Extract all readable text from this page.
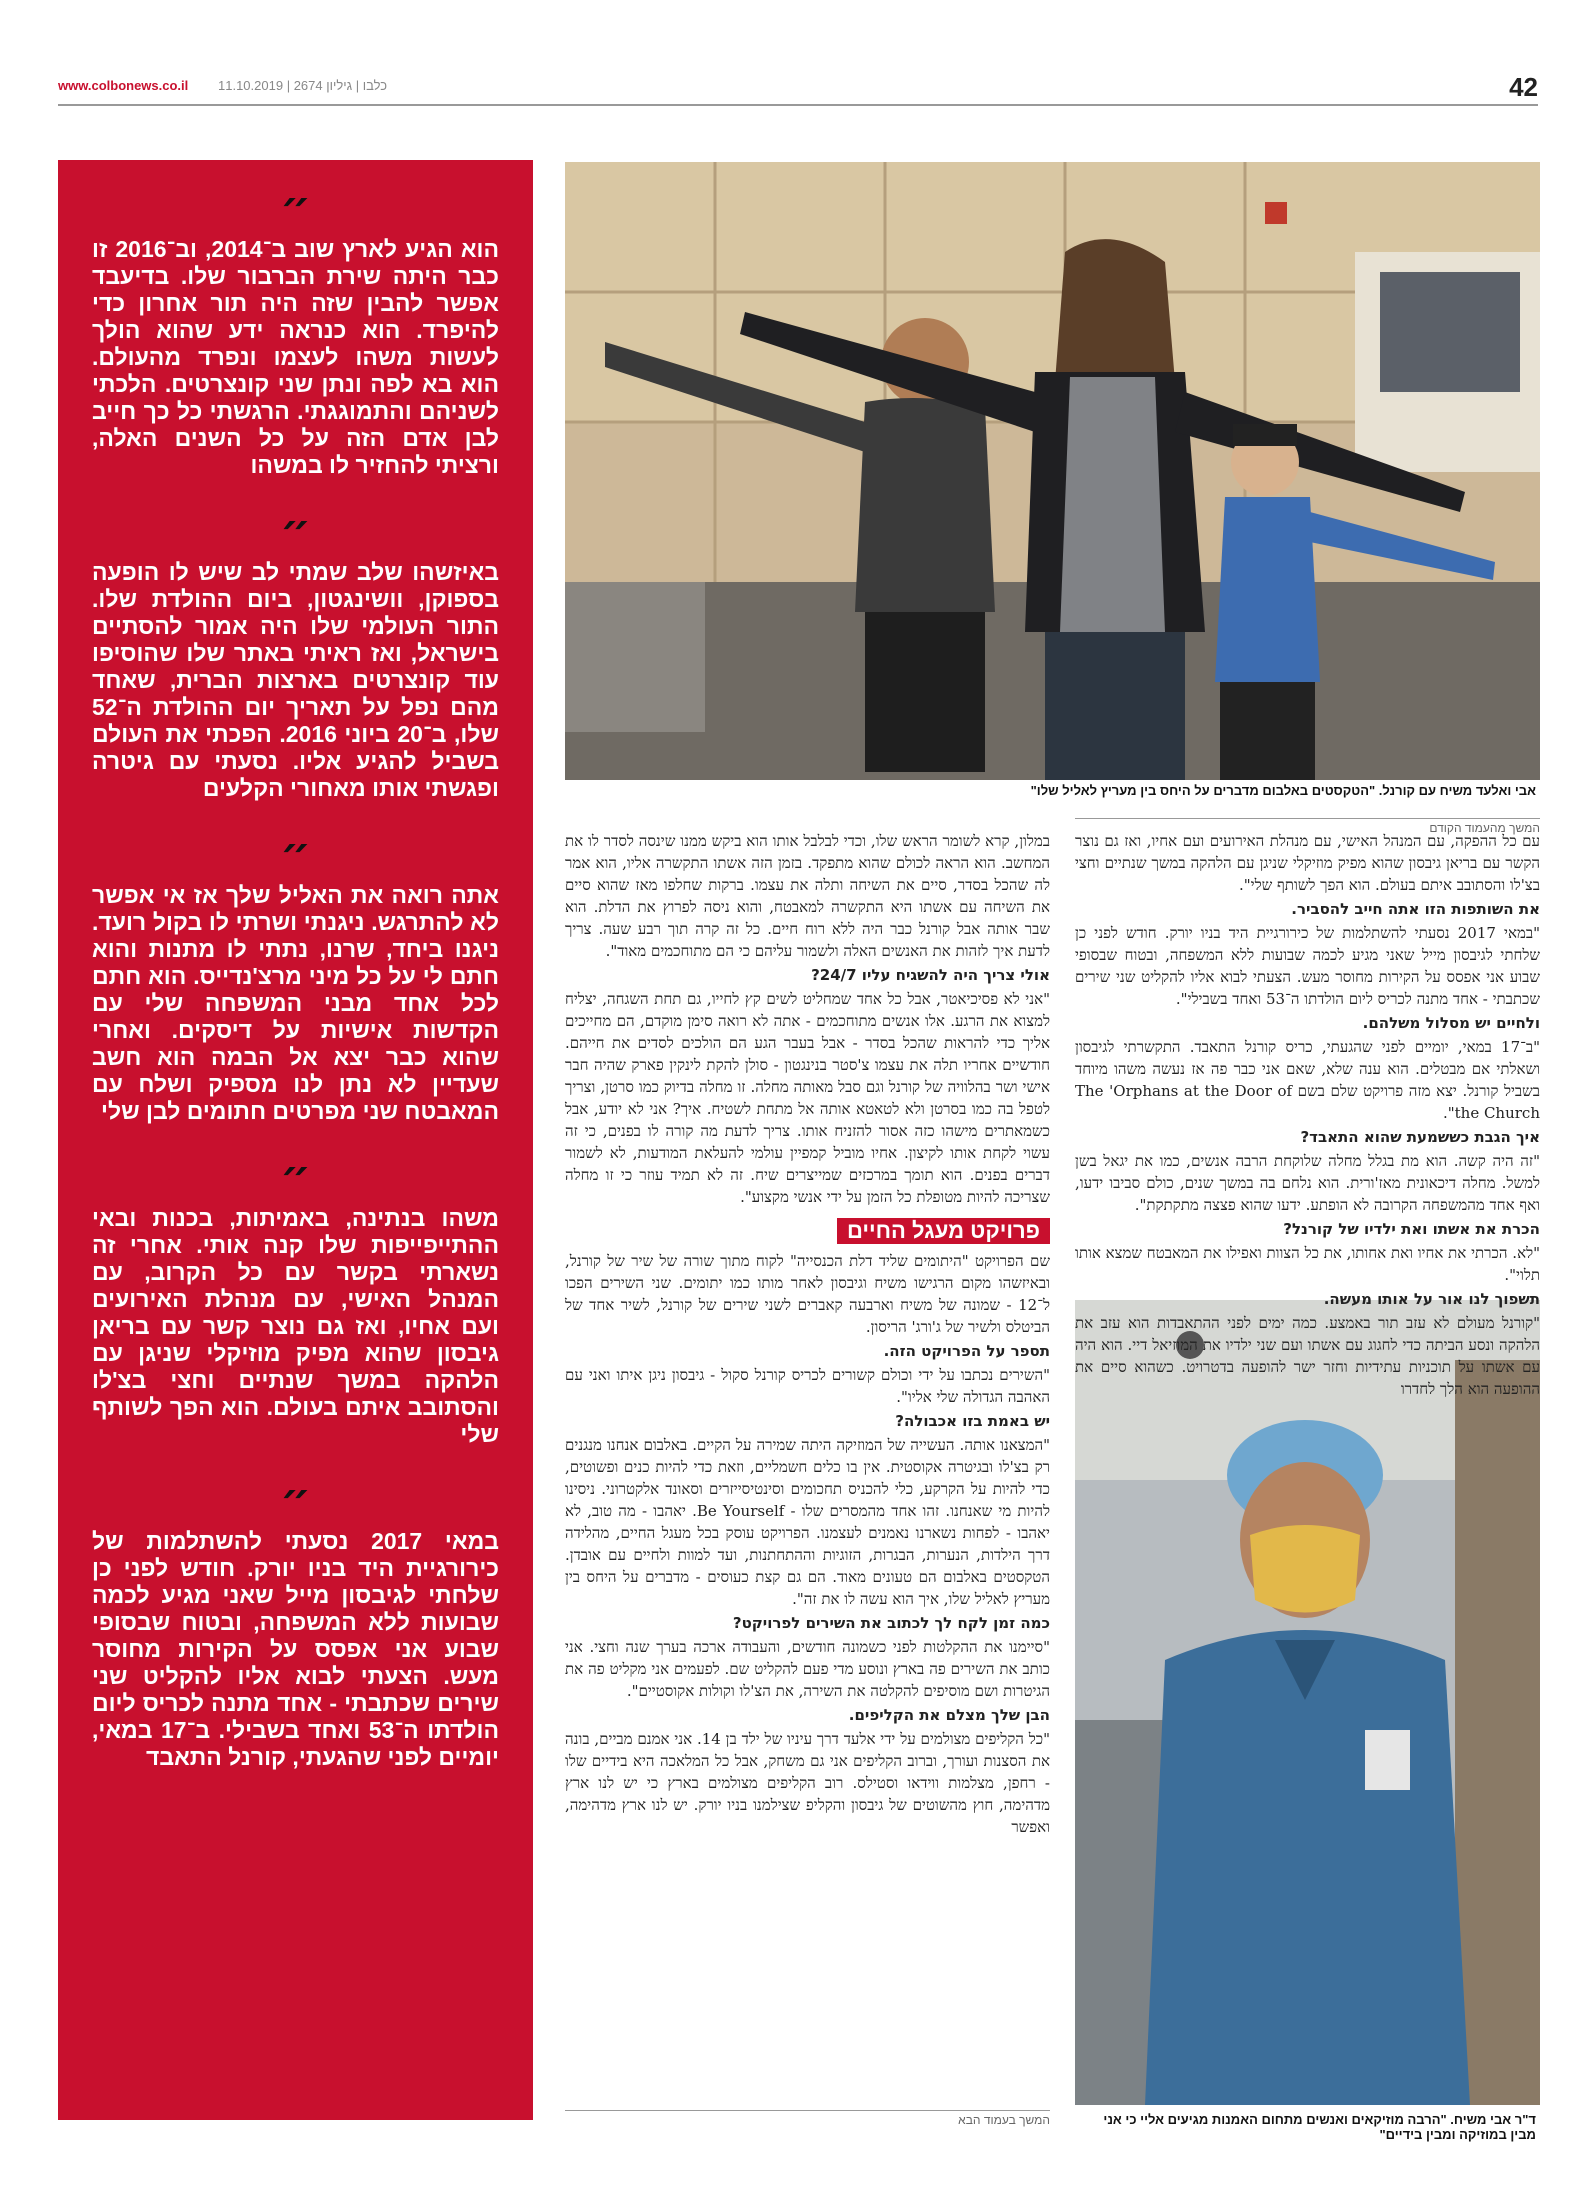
www.colbonews.co.il כלבו | גיליון 2674 | 11.10.2019	42
״

הוא הגיע לארץ שוב ב־2014, וב־2016 זו כבר היתה שירת הברבור שלו. בדיעבד אפשר להבין שזה היה תור אחרון כדי להיפרד. הוא כנראה ידע שהוא הולך לעשות משהו לעצמו ונפרד מהעולם. הוא בא לפה ונתן שני קונצרטים. הלכתי לשניהם והתמוגגתי. הרגשתי כל כך חייב לבן אדם הזה על כל השנים האלה, ורציתי להחזיר לו במשהו

״

באיזשהו שלב שמתי לב שיש לו הופעה בספוקן, וושינגטון, ביום ההולדת שלו. התור העולמי שלו היה אמור להסתיים בישראל, ואז ראיתי באתר שלו שהוסיפו עוד קונצרטים בארצות הברית, שאחד מהם נפל על תאריך יום ההולדת ה־52 שלו, ב־20 ביוני 2016. הפכתי את העולם בשביל להגיע אליו. נסעתי עם גיטרה ופגשתי אותו מאחורי הקלעים

״

אתה רואה את האליל שלך אז אי אפשר לא להתרגש. ניגנתי ושרתי לו בקול רועד. ניגנו ביחד, שרנו, נתתי לו מתנות והוא חתם לי על כל מיני מרצ'נדייס. הוא חתם לכל אחד מבני המשפחה שלי עם הקדשות אישיות על דיסקים. ואחרי שהוא כבר יצא אל הבמה הוא חשב שעדיין לא נתן לנו מספיק ושלח עם המאבטח שני מפרטים חתומים לבן שלי

״

משהו בנתינה, באמיתות, בכנות ובאי ההתייפייפות שלו קנה אותי. אחרי זה נשארתי בקשר עם כל הקרוב, עם המנהל האישי, עם מנהלת האירועים ועם אחיו, ואז גם נוצר קשר עם בריאן גיבסון שהוא מפיק מוזיקלי שניגן עם הלהקה במשך שנתיים וחצי בצ'לו והסתובב איתם בעולם. הוא הפך לשותף שלי

״

במאי 2017 נסעתי להשתלמות של כירורגיית היד בניו יורק. חודש לפני כן שלחתי לגיבסון מייל שאני מגיע לכמה שבועות ללא המשפחה, ובטוח שבסופי שבוע אני אפסס על הקירות מחוסר מעש. הצעתי לבוא אליו להקליט שני שירים שכתבתי - אחד מתנה לכריס ליום הולדתו ה־53 ואחד בשבילי. ב־17 במאי, יומיים לפני שהגעתי, קורנל התאבד

אבי ואלעד משיח עם קורנל. "הטקסטים באלבום מדברים על היחס בין מעריץ לאליל שלו"
ד"ר אבי משיח. "הרבה מוזיקאים ואנשים מתחום האמנות מגיעים אליי כי אני מבין במוזיקה ומבין בידיים"
המשך מהעמוד הקודם

עם כל ההפקה, עם המנהל האישי, עם מנהלת האירועים ועם אחיו, ואז גם נוצר הקשר עם בריאן גיבסון שהוא מפיק מוזיקלי שניגן עם הלהקה במשך שנתיים וחצי בצ'לו והסתובב איתם בעולם. הוא הפך לשותף שלי".

את השותפות הזו אתה חייב להסביר.

"במאי 2017 נסעתי להשתלמות של כירורגיית היד בניו יורק. חודש לפני כן שלחתי לגיבסון מייל שאני מגיע לכמה שבועות ללא המשפחה, ובטוח שבסופי שבוע אני אפסס על הקירות מחוסר מעש. הצעתי לבוא אליו להקליט שני שירים שכתבתי - אחד מתנה לכריס ליום הולדתו ה־53 ואחד בשבילי".

ולחיים יש מסלול משלהם.

"ב־17 במאי, יומיים לפני שהגעתי, כריס קורנל התאבד. התקשרתי לגיבסון ושאלתי אם מבטלים. הוא ענה שלא, שאם אני כבר פה אז נעשה משהו מיוחד בשביל קורנל. יצא מזה פרויקט שלם בשם The 'Orphans at the Door of the Church".

איך הגבת כששמעת שהוא התאבד?

"זה היה קשה. הוא מת בגלל מחלה שלוקחת הרבה אנשים, כמו את יגאל בשן למשל. מחלה דיכאונית מאז'ורית. הוא נלחם בה במשך שנים, כולם סביבו ידעו, ואף אחד מהמשפחה הקרובה לא הופתע. ידעו שהוא פצצה מתקתקת".

הכרת את אשתו ואת ילדיו של קורנל?

"לא. הכרתי את אחיו ואת אחותו, את כל הצוות ואפילו את המאבטח שמצא אותו תלוי".

תשפוך לנו אור על אותו מעשה.

"קורנל מעולם לא עזב תור באמצע. כמה ימים לפני ההתאבדות הוא עזב את הלהקה ונסע הביתה כדי לחגוג עם אשתו ועם שני ילדיו את המוזיאל דיי. הוא היה עם אשתו על תוכניות עתידיות וחזר ישר להופעה בדטרויט. כשהוא סיים את ההופעה הוא הלך לחדרו

במלון, קרא לשומר הראש שלו, וכדי לבלבל אותו הוא ביקש ממנו שינסה לסדר לו את המחשב. הוא הראה לכולם שהוא מתפקד. בזמן הזה אשתו התקשרה אליו, הוא אמר לה שהכל בסדר, סיים את השיחה ותלה את עצמו. ברקות שחלפו מאז שהוא סיים את השיחה עם אשתו היא התקשרה למאבטח, והוא ניסה לפרוץ את הדלת. הוא שבר אותה אבל קורנל כבר היה ללא רוח חיים. כל זה קרה תוך רבע שעה. צריך לדעת איך לזהות את האנשים האלה ולשמור עליהם כי הם מתוחכמים מאוד".

אולי צריך היה להשגיח עליו 24/7?

"אני לא פסיכיאטר, אבל כל אחד שמחליט לשים קץ לחייו, גם תחת השגחה, יצליח למצוא את הרגע. אלו אנשים מתוחכמים - אתה לא רואה סימן מוקדם, הם מחייכים אליך כדי להראות שהכל בסדר - אבל בעבר הגע הם הולכים לסדים את חייהם. חודשיים אחריו תלה את עצמו צ'סטר בנינגטון - סולן להקת לינקין פארק שהיה חבר אישי ושר בהלוויה של קורנל וגם סבל מאותה מחלה. זו מחלה בדיוק כמו סרטן, וצריך לטפל בה כמו בסרטן ולא לטאטא אותה אל מתחת לשטיח. איך? אני לא יודע, אבל כשמאתרים מישהו כזה אסור להזניח אותו. צריך לדעת מה קורה לו בפנים, כי זה עשוי לקחת אותו לקיצון. אחיו מוביל קמפיין עולמי להעלאת המודעות, לא לשמור דברים בפנים. הוא תומך במרכזים שמייצרים שיח. זה לא תמיד עוזר כי זו מחלה שצריכה להיות מטופלת כל הזמן על ידי אנשי מקצוע".

פרויקט מעגל החיים

שם הפרויקט "היתומים שליד דלת הכנסייה" לקוח מתוך שורה של שיר של קורנל, ובאיזשהו מקום הרגישו משיח וגיבסון לאחר מותו כמו יתומים. שני השירים הפכו ל־12 - שמונה של משיח וארבעה קאברים לשני שירים של קורנל, לשיר אחד של הביטלס ולשיר של ג'ורג' הריסון.

תספר על הפרויקט הזה.

"השירים נכתבו על ידי וכולם קשורים לכריס קורנל סקול - גיבסון ניגן איתו ואני עם האהבה הגדולה שלי אליו".

יש באמת בזו אכבולה?

"המצאנו אותה. העשייה של המוזיקה היתה שמירה על הקיים. באלבום אנחנו מנגנים רק בצ'לו ובגיטרה אקוסטית. אין בו כלים חשמליים, וזאת כדי להיות כנים ופשוטים, כדי להיות על הקרקע, כלי להכניס תחכומים וסינטיסייזרים וסאונד אלקטרוני. ניסינו להיות מי שאנחנו. זהו אחד מהמסרים שלו - Be Yourself. יאהבו - מה טוב, לא יאהבו - לפחות נשארנו נאמנים לעצמנו. הפרויקט עוסק בכל מעגל החיים, מהלידה דרך הילדות, הנערות, הבגרות, הזוגיות וההתחתנות, ועד למוות ולחיים עם אובדן. הטקסטים באלבום הם טעונים מאוד. הם גם קצת כעוסים - מדברים על היחס בין מעריץ לאליל שלו, איך הוא עשה לו את זה".

כמה זמן לקח לך לכתוב את השירים לפרויקט?

"סיימנו את ההקלטות לפני כשמונה חודשים, והעבודה ארכה בערך שנה וחצי. אני כותב את השירים פה בארץ ונוסע מדי פעם להקליט שם. לפעמים אני מקליט פה את הגיטרות ושם מוסיפים להקלטה את השירה, את הצ'לו וקולות אקוסטיים".

הבן שלך מצלם את הקליפים.

"כל הקליפים מצולמים על ידי אלעד דרך עיניו של ילד בן 14. אני אמנם מביים, בונה את הסצנות ועורך, וברוב הקליפים אני גם משחק, אבל כל המלאכה היא בידיים שלו - רחפן, מצלמות ווידאו וסטילס. רוב הקליפים מצולמים בארץ כי יש לנו ארץ מדהימה, חוץ מהשוטים של גיבסון והקליפ שצילמנו בניו יורק. יש לנו ארץ מדהימה, ואפשר

המשך בעמוד הבא
